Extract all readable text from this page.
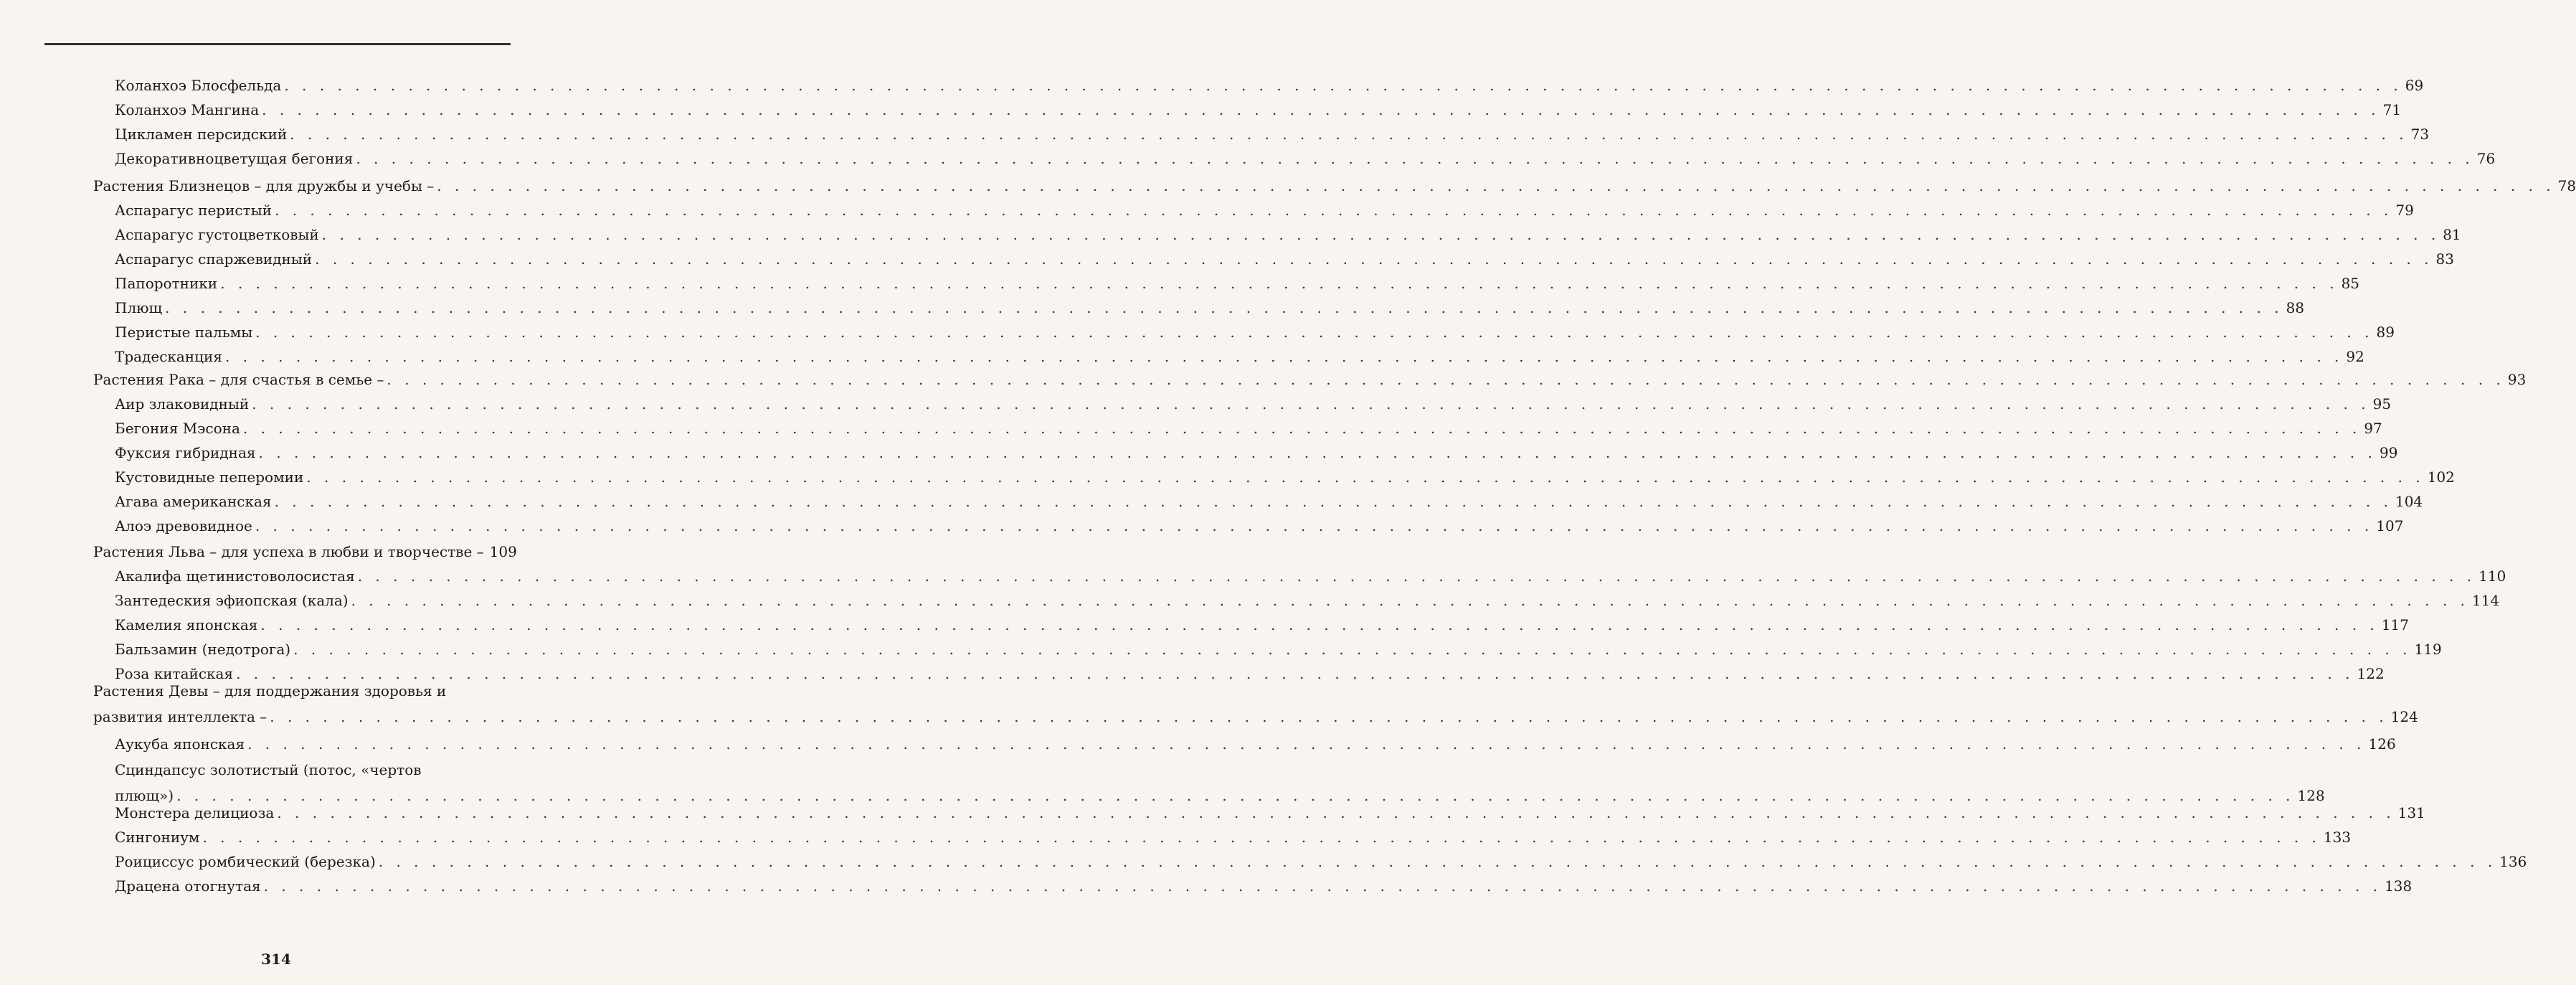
Коланхоэ Блосфельда . . . . . . . . . . . . . . . . . . . . . . . . . . . . . . . . . . . . . . . . . . . . . . . . . . . . . . . . . . . . . . . . . . . . . . . . . . . . . . . . . . . . . . . . . . . . . . . . . . . . . . . . . . . . . . . . . . . . . . . . 69
Коланхоэ Мангина . . . . . . . . . . . . . . . . . . . . . . . . . . . . . . . . . . . . . . . . . . . . . . . . . . . . . . . . . . . . . . . . . . . . . . . . . . . . . . . . . . . . . . . . . . . . . . . . . . . . . . . . . . . . . . . . . . . . . . . . 71
Цикламен персидский . . . . . . . . . . . . . . . . . . . . . . . . . . . . . . . . . . . . . . . . . . . . . . . . . . . . . . . . . . . . . . . . . . . . . . . . . . . . . . . . . . . . . . . . . . . . . . . . . . . . . . . . . . . . . . . . . . . . . . . . 73
Декоративноцветущая бегония . . . . . . . . . . . . . . . . . . . . . . . . . . . . . . . . . . . . . . . . . . . . . . . . . . . . . . . . . . . . . . . . . . . . . . . . . . . . . . . . . . . . . . . . . . . . . . . . . . . . . . . . . . . . . . . . . . . . . . . . 76
Растения Близнецов – для дружбы и учебы – . . . . . . . . . . . . . . . . . . . . . . . . . . . . . . . . . . . . . . . . . . . . . . . . . . . . . . . . . . . . . . . . . . . . . . . . . . . . . . . . . . . . . . . . . . . . . . . . . . . . . . . . . . . . . . . . . . . . . . . . 78
Аспарагус перистый . . . . . . . . . . . . . . . . . . . . . . . . . . . . . . . . . . . . . . . . . . . . . . . . . . . . . . . . . . . . . . . . . . . . . . . . . . . . . . . . . . . . . . . . . . . . . . . . . . . . . . . . . . . . . . . . . . . . . . . . 79
Аспарагус густоцветковый . . . . . . . . . . . . . . . . . . . . . . . . . . . . . . . . . . . . . . . . . . . . . . . . . . . . . . . . . . . . . . . . . . . . . . . . . . . . . . . . . . . . . . . . . . . . . . . . . . . . . . . . . . . . . . . . . . . . . . . . 81
Аспарагус спаржевидный . . . . . . . . . . . . . . . . . . . . . . . . . . . . . . . . . . . . . . . . . . . . . . . . . . . . . . . . . . . . . . . . . . . . . . . . . . . . . . . . . . . . . . . . . . . . . . . . . . . . . . . . . . . . . . . . . . . . . . . . 83
Папоротники . . . . . . . . . . . . . . . . . . . . . . . . . . . . . . . . . . . . . . . . . . . . . . . . . . . . . . . . . . . . . . . . . . . . . . . . . . . . . . . . . . . . . . . . . . . . . . . . . . . . . . . . . . . . . . . . . . . . . . . . 85
Плющ . . . . . . . . . . . . . . . . . . . . . . . . . . . . . . . . . . . . . . . . . . . . . . . . . . . . . . . . . . . . . . . . . . . . . . . . . . . . . . . . . . . . . . . . . . . . . . . . . . . . . . . . . . . . . . . . . . . . . . . . 88
Перистые пальмы . . . . . . . . . . . . . . . . . . . . . . . . . . . . . . . . . . . . . . . . . . . . . . . . . . . . . . . . . . . . . . . . . . . . . . . . . . . . . . . . . . . . . . . . . . . . . . . . . . . . . . . . . . . . . . . . . . . . . . . . 89
Традесканция . . . . . . . . . . . . . . . . . . . . . . . . . . . . . . . . . . . . . . . . . . . . . . . . . . . . . . . . . . . . . . . . . . . . . . . . . . . . . . . . . . . . . . . . . . . . . . . . . . . . . . . . . . . . . . . . . . . . . . . . 92
Растения Рака – для счастья в семье – . . . . . . . . . . . . . . . . . . . . . . . . . . . . . . . . . . . . . . . . . . . . . . . . . . . . . . . . . . . . . . . . . . . . . . . . . . . . . . . . . . . . . . . . . . . . . . . . . . . . . . . . . . . . . . . . . . . . . . . . 93
Аир злаковидный . . . . . . . . . . . . . . . . . . . . . . . . . . . . . . . . . . . . . . . . . . . . . . . . . . . . . . . . . . . . . . . . . . . . . . . . . . . . . . . . . . . . . . . . . . . . . . . . . . . . . . . . . . . . . . . . . . . . . . . . 95
Бегония Мэсона . . . . . . . . . . . . . . . . . . . . . . . . . . . . . . . . . . . . . . . . . . . . . . . . . . . . . . . . . . . . . . . . . . . . . . . . . . . . . . . . . . . . . . . . . . . . . . . . . . . . . . . . . . . . . . . . . . . . . . . . 97
Фуксия гибридная . . . . . . . . . . . . . . . . . . . . . . . . . . . . . . . . . . . . . . . . . . . . . . . . . . . . . . . . . . . . . . . . . . . . . . . . . . . . . . . . . . . . . . . . . . . . . . . . . . . . . . . . . . . . . . . . . . . . . . . . 99
Кустовидные пеперомии . . . . . . . . . . . . . . . . . . . . . . . . . . . . . . . . . . . . . . . . . . . . . . . . . . . . . . . . . . . . . . . . . . . . . . . . . . . . . . . . . . . . . . . . . . . . . . . . . . . . . . . . . . . . . . . . . . . . . . . . 102
Агава американская . . . . . . . . . . . . . . . . . . . . . . . . . . . . . . . . . . . . . . . . . . . . . . . . . . . . . . . . . . . . . . . . . . . . . . . . . . . . . . . . . . . . . . . . . . . . . . . . . . . . . . . . . . . . . . . . . . . . . . . . 104
Алоэ древовидное . . . . . . . . . . . . . . . . . . . . . . . . . . . . . . . . . . . . . . . . . . . . . . . . . . . . . . . . . . . . . . . . . . . . . . . . . . . . . . . . . . . . . . . . . . . . . . . . . . . . . . . . . . . . . . . . . . . . . . . . 107
Растения Льва – для успеха в любви и творчестве – 109
Акалифа щетинистоволосистая . . . . . . . . . . . . . . . . . . . . . . . . . . . . . . . . . . . . . . . . . . . . . . . . . . . . . . . . . . . . . . . . . . . . . . . . . . . . . . . . . . . . . . . . . . . . . . . . . . . . . . . . . . . . . . . . . . . . . . . . 110
Зантедеския эфиопская (кала) . . . . . . . . . . . . . . . . . . . . . . . . . . . . . . . . . . . . . . . . . . . . . . . . . . . . . . . . . . . . . . . . . . . . . . . . . . . . . . . . . . . . . . . . . . . . . . . . . . . . . . . . . . . . . . . . . . . . . . . . 114
Камелия японская . . . . . . . . . . . . . . . . . . . . . . . . . . . . . . . . . . . . . . . . . . . . . . . . . . . . . . . . . . . . . . . . . . . . . . . . . . . . . . . . . . . . . . . . . . . . . . . . . . . . . . . . . . . . . . . . . . . . . . . . 117
Бальзамин (недотрога) . . . . . . . . . . . . . . . . . . . . . . . . . . . . . . . . . . . . . . . . . . . . . . . . . . . . . . . . . . . . . . . . . . . . . . . . . . . . . . . . . . . . . . . . . . . . . . . . . . . . . . . . . . . . . . . . . . . . . . . . 119
Роза китайская . . . . . . . . . . . . . . . . . . . . . . . . . . . . . . . . . . . . . . . . . . . . . . . . . . . . . . . . . . . . . . . . . . . . . . . . . . . . . . . . . . . . . . . . . . . . . . . . . . . . . . . . . . . . . . . . . . . . . . . . 122
Растения Девы – для поддержания здоровья и
развития интеллекта – . . . . . . . . . . . . . . . . . . . . . . . . . . . . . . . . . . . . . . . . . . . . . . . . . . . . . . . . . . . . . . . . . . . . . . . . . . . . . . . . . . . . . . . . . . . . . . . . . . . . . . . . . . . . . . . . . . . . . . . . 124
Аукуба японская . . . . . . . . . . . . . . . . . . . . . . . . . . . . . . . . . . . . . . . . . . . . . . . . . . . . . . . . . . . . . . . . . . . . . . . . . . . . . . . . . . . . . . . . . . . . . . . . . . . . . . . . . . . . . . . . . . . . . . . . 126
Сциндапсус золотистый (потос, «чертов
плющ») . . . . . . . . . . . . . . . . . . . . . . . . . . . . . . . . . . . . . . . . . . . . . . . . . . . . . . . . . . . . . . . . . . . . . . . . . . . . . . . . . . . . . . . . . . . . . . . . . . . . . . . . . . . . . . . . . . . . . . . . 128
Монстера делициоза . . . . . . . . . . . . . . . . . . . . . . . . . . . . . . . . . . . . . . . . . . . . . . . . . . . . . . . . . . . . . . . . . . . . . . . . . . . . . . . . . . . . . . . . . . . . . . . . . . . . . . . . . . . . . . . . . . . . . . . . 131
Сингониум . . . . . . . . . . . . . . . . . . . . . . . . . . . . . . . . . . . . . . . . . . . . . . . . . . . . . . . . . . . . . . . . . . . . . . . . . . . . . . . . . . . . . . . . . . . . . . . . . . . . . . . . . . . . . . . . . . . . . . . . 133
Роициссус ромбический (березка) . . . . . . . . . . . . . . . . . . . . . . . . . . . . . . . . . . . . . . . . . . . . . . . . . . . . . . . . . . . . . . . . . . . . . . . . . . . . . . . . . . . . . . . . . . . . . . . . . . . . . . . . . . . . . . . . . . . . . . . . 136
Драцена отогнутая . . . . . . . . . . . . . . . . . . . . . . . . . . . . . . . . . . . . . . . . . . . . . . . . . . . . . . . . . . . . . . . . . . . . . . . . . . . . . . . . . . . . . . . . . . . . . . . . . . . . . . . . . . . . . . . . . . . . . . . . 138
314
